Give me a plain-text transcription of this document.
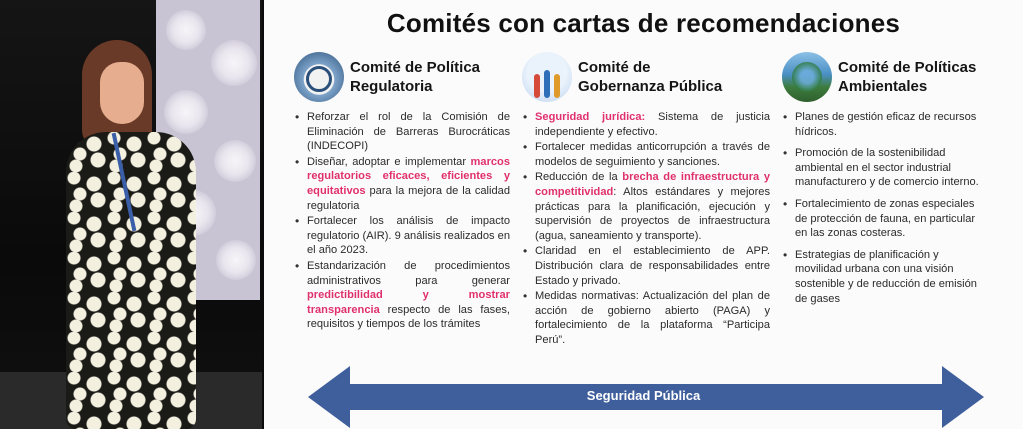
Comités con cartas de recomendaciones
Comité de Política
Regulatoria
• Reforzar el rol de la Comisión de Eliminación de Barreras Burocráticas (INDECOPI)
• Diseñar, adoptar e implementar marcos regulatorios eficaces, eficientes y equitativos para la mejora de la calidad regulatoria
• Fortalecer los análisis de impacto regulatorio (AIR). 9 análisis realizados en el año 2023.
• Estandarización de procedimientos administrativos para generar predictibilidad y mostrar transparencia respecto de las fases, requisitos y tiempos de los trámites
Comité de
Gobernanza Pública
• Seguridad jurídica: Sistema de justicia independiente y efectivo.
• Fortalecer medidas anticorrupción a través de modelos de seguimiento y sanciones.
• Reducción de la brecha de infraestructura y competitividad: Altos estándares y mejores prácticas para la planificación, ejecución y supervisión de proyectos de infraestructura (agua, saneamiento y transporte).
• Claridad en el establecimiento de APP. Distribución clara de responsabilidades entre Estado y privado.
• Medidas normativas: Actualización del plan de acción de gobierno abierto (PAGA) y fortalecimiento de la plataforma “Participa Perú”.
Comité de Políticas
Ambientales
• Planes de gestión eficaz de recursos hídricos.
• Promoción de la sostenibilidad ambiental en el sector industrial manufacturero y de comercio interno.
• Fortalecimiento de zonas especiales de protección de fauna, en particular en las zonas costeras.
• Estrategias de planificación y movilidad urbana con una visión sostenible y de reducción de emisión de gases
Seguridad Pública
